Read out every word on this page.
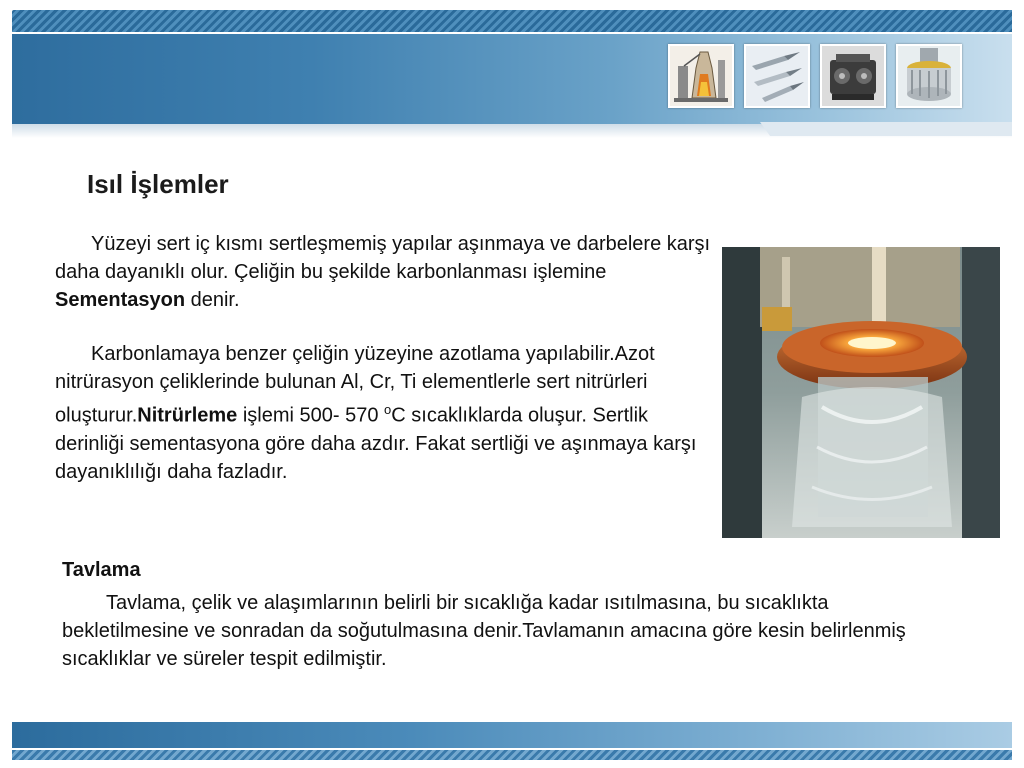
Isıl İşlemler

Yüzeyi sert iç kısmı sertleşmemiş yapılar aşınmaya ve darbelere karşı daha dayanıklı olur. Çeliğin bu şekilde karbonlanması işlemine Sementasyon denir.

Karbonlamaya benzer çeliğin yüzeyine azotlama yapılabilir.Azot nitrürasyon çeliklerinde bulunan Al, Cr, Ti elementlerle sert nitrürleri oluşturur.Nitrürleme işlemi 500- 570 $^o$C sıcaklıklarda oluşur. Sertlik derinliği sementasyona göre daha azdır. Fakat sertliği ve aşınmaya karşı dayanıklılığı daha fazladır.

Tavlama

Tavlama, çelik ve alaşımlarının belirli bir sıcaklığa kadar ısıtılmasına, bu sıcaklıkta bekletilmesine ve sonradan da soğutulmasına denir.Tavlamanın amacına göre kesin belirlenmiş sıcaklıklar ve süreler tespit edilmiştir.
